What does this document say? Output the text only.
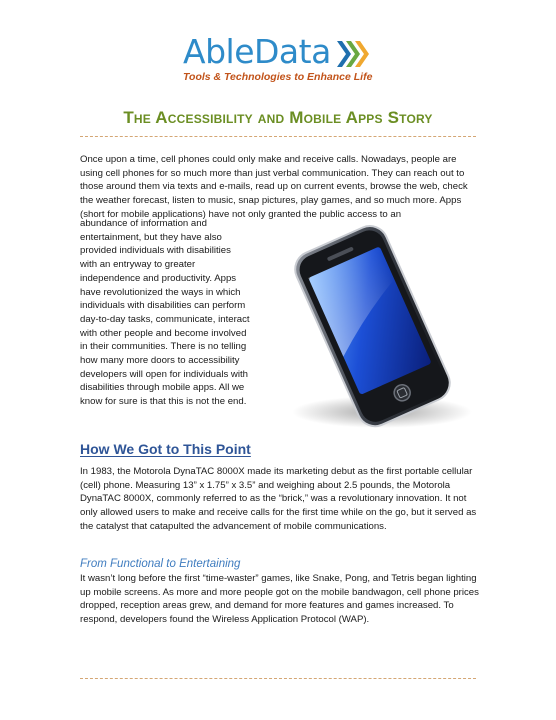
AbleData
Tools & Technologies to Enhance Life
The Accessibility and Mobile Apps Story

Once upon a time, cell phones could only make and receive calls. Nowadays, people are using cell phones for so much more than just verbal communication. They can reach out to those around them via texts and e-mails, read up on current events, browse the web, check the weather forecast, listen to music, snap pictures, play games, and so much more. Apps (short for mobile applications) have not only granted the public access to an

abundance of information and entertainment, but they have also provided individuals with disabilities with an entryway to greater independence and productivity. Apps have revolutionized the ways in which individuals with disabilities can perform day-to-day tasks, communicate, interact with other people and become involved in their communities. There is no telling how many more doors to accessibility developers will open for individuals with disabilities through mobile apps. All we know for sure is that this is not the end.

How We Got to This Point

In 1983, the Motorola DynaTAC 8000X made its marketing debut as the first portable cellular (cell) phone. Measuring 13” x 1.75” x 3.5” and weighing about 2.5 pounds, the Motorola DynaTAC 8000X, commonly referred to as the “brick,” was a revolutionary innovation. It not only allowed users to make and receive calls for the first time while on the go, but it served as the catalyst that catapulted the advancement of mobile communications.

From Functional to Entertaining

It wasn’t long before the first “time-waster” games, like Snake, Pong, and Tetris began lighting up mobile screens. As more and more people got on the mobile bandwagon, cell phone prices dropped, reception areas grew, and demand for more features and games increased. To respond, developers found the Wireless Application Protocol (WAP).
